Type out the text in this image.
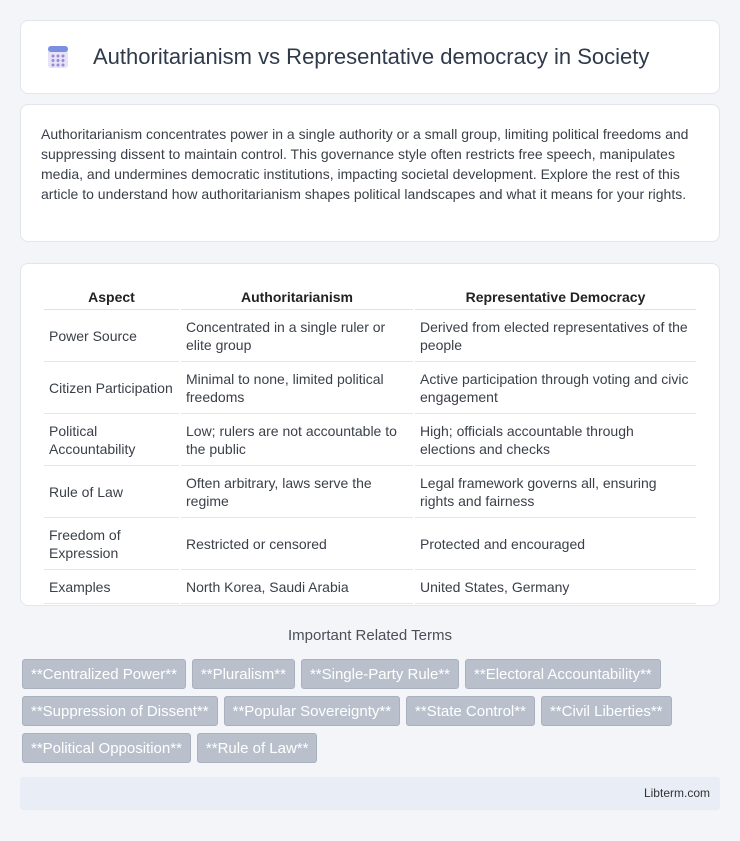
Authoritarianism vs Representative democracy in Society

Authoritarianism concentrates power in a single authority or a small group, limiting political freedoms and suppressing dissent to maintain control. This governance style often restricts free speech, manipulates media, and undermines democratic institutions, impacting societal development. Explore the rest of this article to understand how authoritarianism shapes political landscapes and what it means for your rights.

Aspect	Authoritarianism	Representative Democracy
Power Source	Concentrated in a single ruler or elite group	Derived from elected representatives of the people
Citizen Participation	Minimal to none, limited political freedoms	Active participation through voting and civic engagement
Political Accountability	Low; rulers are not accountable to the public	High; officials accountable through elections and checks
Rule of Law	Often arbitrary, laws serve the regime	Legal framework governs all, ensuring rights and fairness
Freedom of Expression	Restricted or censored	Protected and encouraged
Examples	North Korea, Saudi Arabia	United States, Germany
Important Related Terms
**Centralized Power**	**Pluralism**	**Single-Party Rule**	**Electoral Accountability**
**Suppression of Dissent**	**Popular Sovereignty**	**State Control**	**Civil Liberties**
**Political Opposition**	**Rule of Law**
Libterm.com
